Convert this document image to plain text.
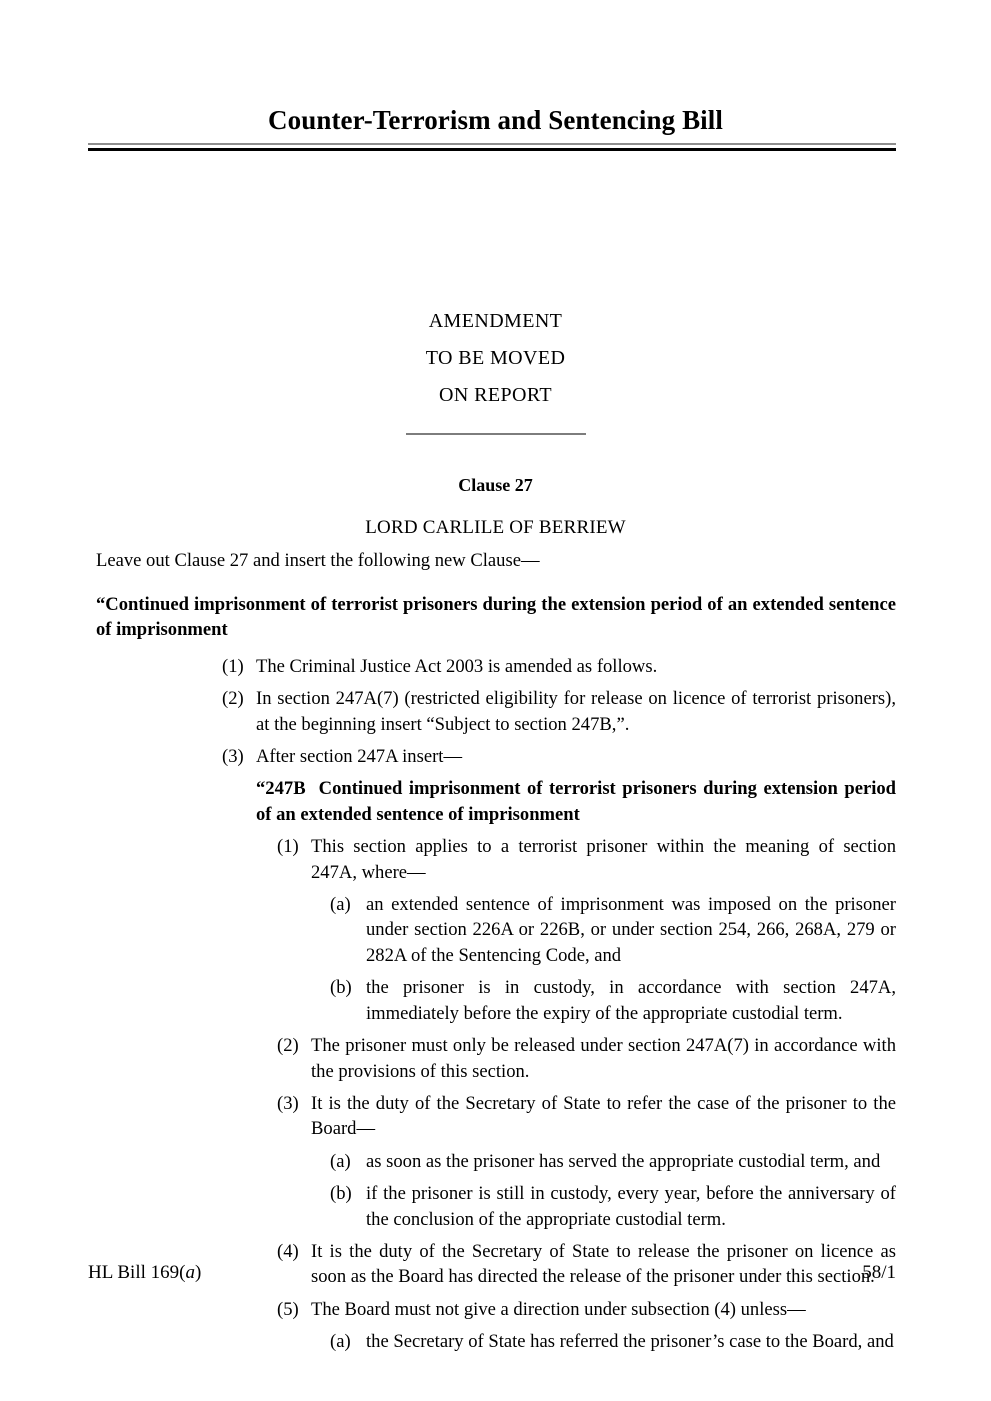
Counter-Terrorism and Sentencing Bill
AMENDMENT
TO BE MOVED
ON REPORT
Clause 27
LORD CARLILE OF BERRIEW

Leave out Clause 27 and insert the following new Clause—

“Continued imprisonment of terrorist prisoners during the extension period of an extended sentence of imprisonment

(1) The Criminal Justice Act 2003 is amended as follows.
(2) In section 247A(7) (restricted eligibility for release on licence of terrorist prisoners), at the beginning insert “Subject to section 247B,”.
(3) After section 247A insert—
“247B Continued imprisonment of terrorist prisoners during extension period of an extended sentence of imprisonment
(1) This section applies to a terrorist prisoner within the meaning of section 247A, where—
(a) an extended sentence of imprisonment was imposed on the prisoner under section 226A or 226B, or under section 254, 266, 268A, 279 or 282A of the Sentencing Code, and
(b) the prisoner is in custody, in accordance with section 247A, immediately before the expiry of the appropriate custodial term.
(2) The prisoner must only be released under section 247A(7) in accordance with the provisions of this section.
(3) It is the duty of the Secretary of State to refer the case of the prisoner to the Board—
(a) as soon as the prisoner has served the appropriate custodial term, and
(b) if the prisoner is still in custody, every year, before the anniversary of the conclusion of the appropriate custodial term.
(4) It is the duty of the Secretary of State to release the prisoner on licence as soon as the Board has directed the release of the prisoner under this section.
(5) The Board must not give a direction under subsection (4) unless—
(a) the Secretary of State has referred the prisoner’s case to the Board, and
HL Bill 169(a)	58/1
